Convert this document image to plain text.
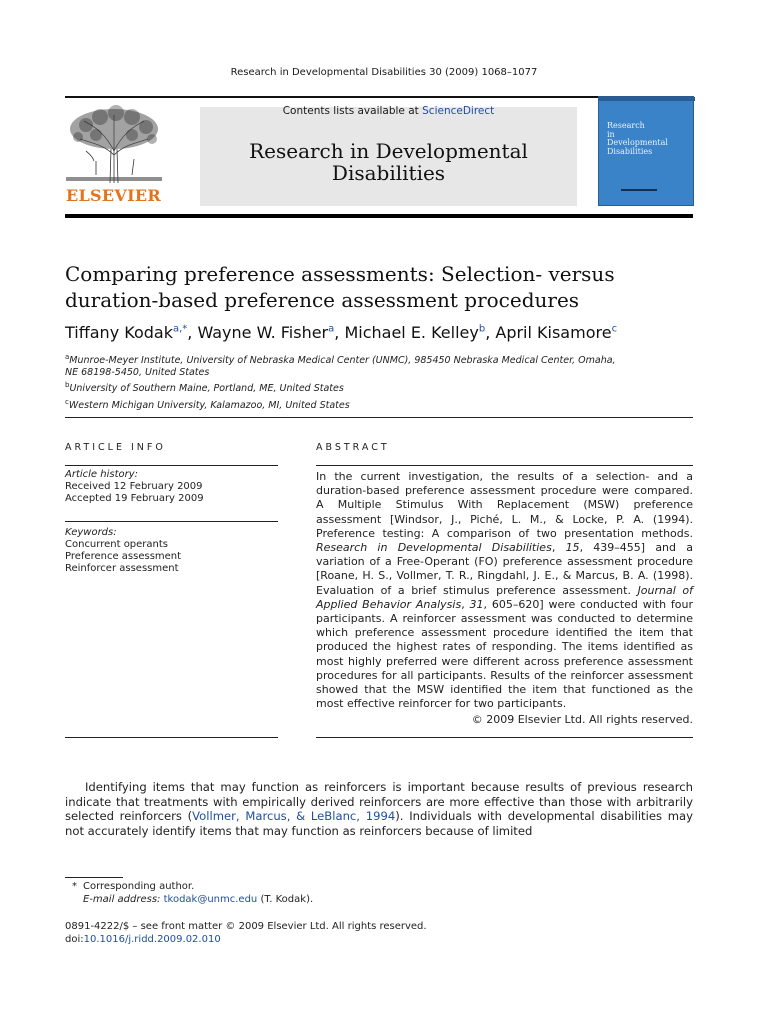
Research in Developmental Disabilities 30 (2009) 1068–1077
ELSEVIER
Contents lists available at ScienceDirect
Research in Developmental
Disabilities
Research
in
Developmental
Disabilities
Comparing preference assessments: Selection- versus
duration-based preference assessment procedures
Tiffany Kodak$^{a,*}$, Wayne W. Fisher$^a$, Michael E. Kelley$^b$, April Kisamore$^c$
$^a$Munroe-Meyer Institute, University of Nebraska Medical Center (UNMC), 985450 Nebraska Medical Center, Omaha,
NE 68198-5450, United States
$^b$University of Southern Maine, Portland, ME, United States
$^c$Western Michigan University, Kalamazoo, MI, United States
ARTICLE INFO
Article history:
Received 12 February 2009
Accepted 19 February 2009
Keywords:
Concurrent operants
Preference assessment
Reinforcer assessment
ABSTRACT
In the current investigation, the results of a selection- and a duration-based preference assessment procedure were compared. A Multiple Stimulus With Replacement (MSW) preference assessment [Windsor, J., Piché, L. M., & Locke, P. A. (1994). Preference testing: A comparison of two presentation methods. Research in Developmental Disabilities, 15, 439–455] and a variation of a Free-Operant (FO) preference assessment procedure [Roane, H. S., Vollmer, T. R., Ringdahl, J. E., & Marcus, B. A. (1998). Evaluation of a brief stimulus preference assessment. Journal of Applied Behavior Analysis, 31, 605–620] were conducted with four participants. A reinforcer assessment was conducted to determine which preference assessment procedure identified the item that produced the highest rates of responding. The items identified as most highly preferred were different across preference assessment procedures for all participants. Results of the reinforcer assessment showed that the MSW identified the item that functioned as the most effective reinforcer for two participants.
© 2009 Elsevier Ltd. All rights reserved.
Identifying items that may function as reinforcers is important because results of previous research indicate that treatments with empirically derived reinforcers are more effective than those with arbitrarily selected reinforcers (Vollmer, Marcus, & LeBlanc, 1994). Individuals with developmental disabilities may not accurately identify items that may function as reinforcers because of limited
* Corresponding author.
E-mail address: tkodak@unmc.edu (T. Kodak).
0891-4222/$ – see front matter © 2009 Elsevier Ltd. All rights reserved.
doi:10.1016/j.ridd.2009.02.010
